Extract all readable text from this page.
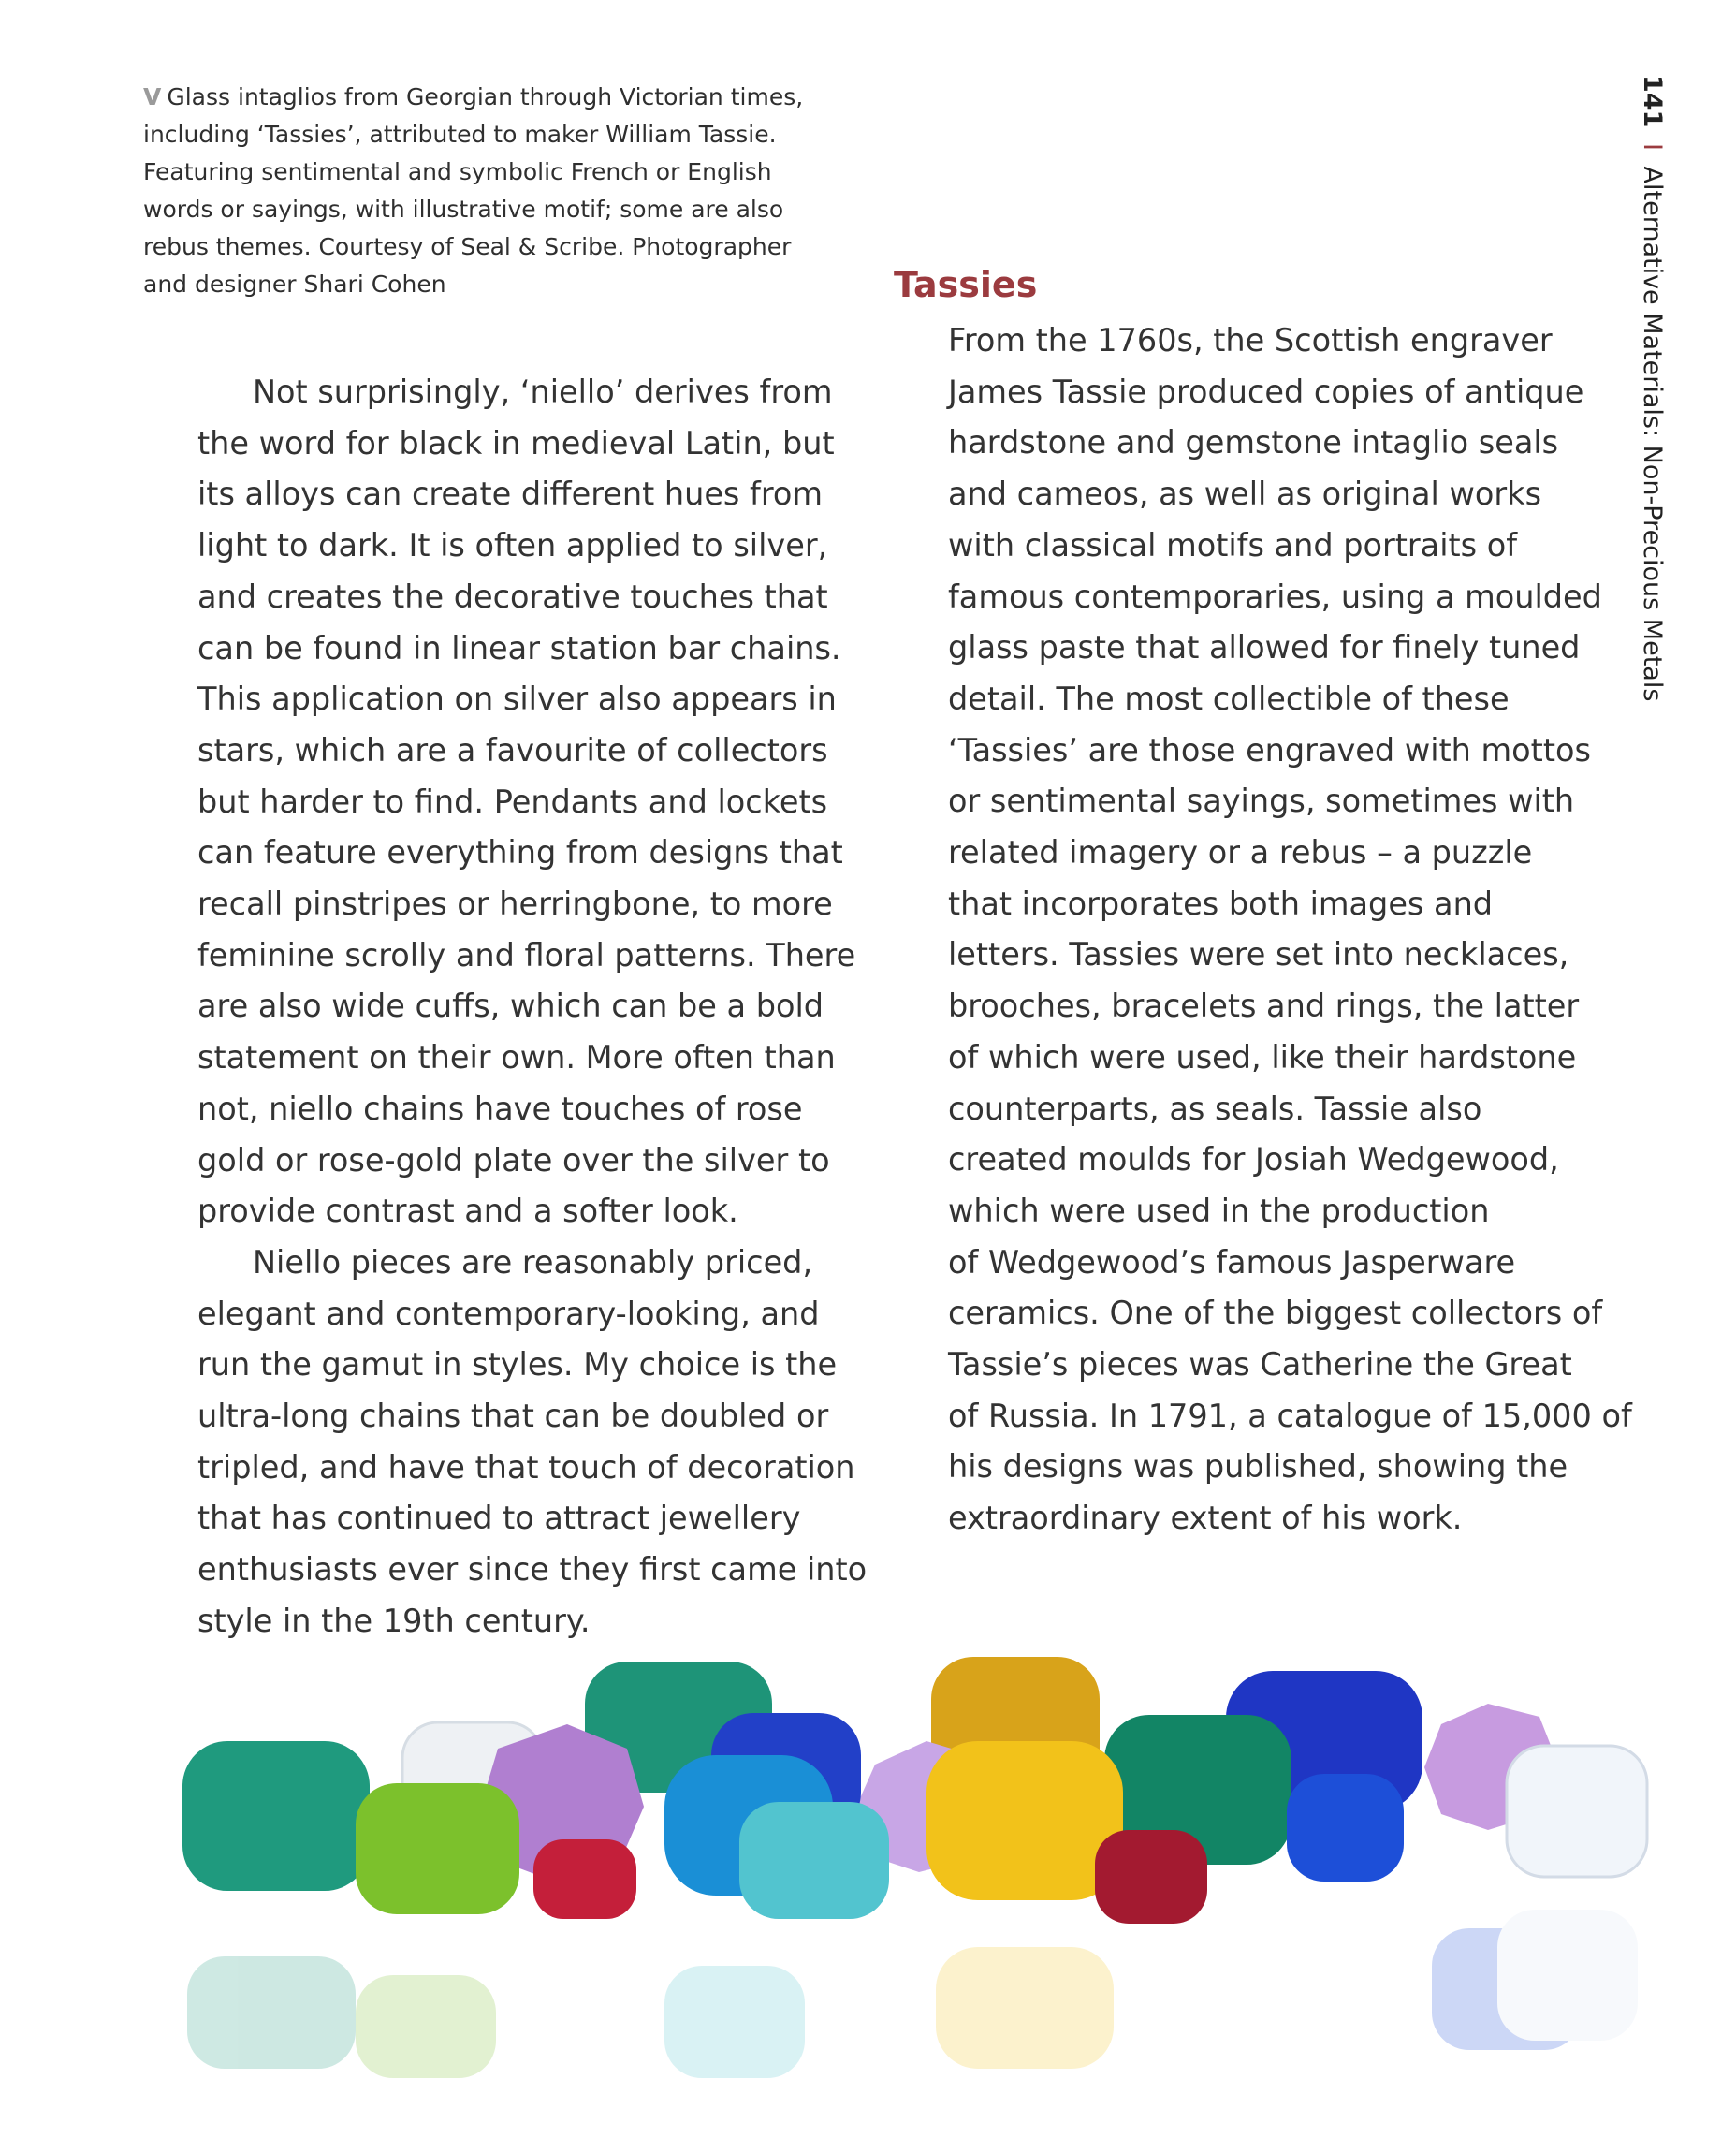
V Glass intaglios from Georgian through Victorian times,
including ‘Tassies’, attributed to maker William Tassie.
Featuring sentimental and symbolic French or English
words or sayings, with illustrative motif; some are also
rebus themes. Courtesy of Seal & Scribe. Photographer
and designer Shari Cohen
141 I Alternative Materials: Non-Precious Metals

Not surprisingly, ‘niello’ derives from
the word for black in medieval Latin, but
its alloys can create different hues from
light to dark. It is often applied to silver,
and creates the decorative touches that
can be found in linear station bar chains.
This application on silver also appears in
stars, which are a favourite of collectors
but harder to find. Pendants and lockets
can feature everything from designs that
recall pinstripes or herringbone, to more
feminine scrolly and floral patterns. There
are also wide cuffs, which can be a bold
statement on their own. More often than
not, niello chains have touches of rose
gold or rose-gold plate over the silver to
provide contrast and a softer look.

Niello pieces are reasonably priced,
elegant and contemporary-looking, and
run the gamut in styles. My choice is the
ultra-long chains that can be doubled or
tripled, and have that touch of decoration
that has continued to attract jewellery
enthusiasts ever since they first came into
style in the 19th century.

Tassies

From the 1760s, the Scottish engraver
James Tassie produced copies of antique
hardstone and gemstone intaglio seals
and cameos, as well as original works
with classical motifs and portraits of
famous contemporaries, using a moulded
glass paste that allowed for finely tuned
detail. The most collectible of these
‘Tassies’ are those engraved with mottos
or sentimental sayings, sometimes with
related imagery or a rebus – a puzzle
that incorporates both images and
letters. Tassies were set into necklaces,
brooches, bracelets and rings, the latter
of which were used, like their hardstone
counterparts, as seals. Tassie also
created moulds for Josiah Wedgewood,
which were used in the production
of Wedgewood’s famous Jasperware
ceramics. One of the biggest collectors of
Tassie’s pieces was Catherine the Great
of Russia. In 1791, a catalogue of 15,000 of
his designs was published, showing the
extraordinary extent of his work.
